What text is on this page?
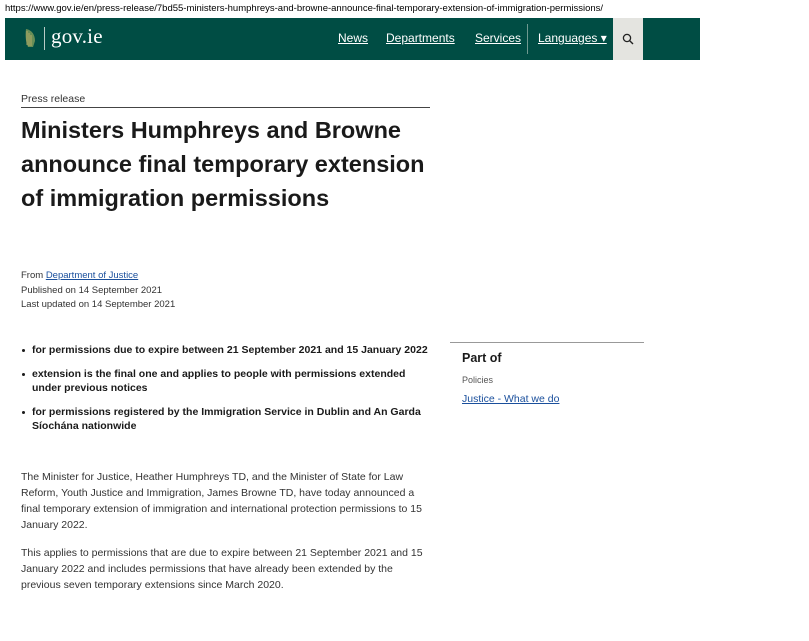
https://www.gov.ie/en/press-release/7bd55-ministers-humphreys-and-browne-announce-final-temporary-extension-of-immigration-permissions/
gov.ie	News Departments Services Languages ▾
Press release
Ministers Humphreys and Browne announce final temporary extension of immigration permissions
From Department of Justice
Published on 14 September 2021
Last updated on 14 September 2021
for permissions due to expire between 21 September 2021 and 15 January 2022
extension is the final one and applies to people with permissions extended under previous notices
for permissions registered by the Immigration Service in Dublin and An Garda Síochána nationwide

The Minister for Justice, Heather Humphreys TD, and the Minister of State for Law Reform, Youth Justice and Immigration, James Browne TD, have today announced a final temporary extension of immigration and international protection permissions to 15 January 2022.

This applies to permissions that are due to expire between 21 September 2021 and 15 January 2022 and includes permissions that have already been extended by the previous seven temporary extensions since March 2020.

Part of
Policies
Justice - What we do
